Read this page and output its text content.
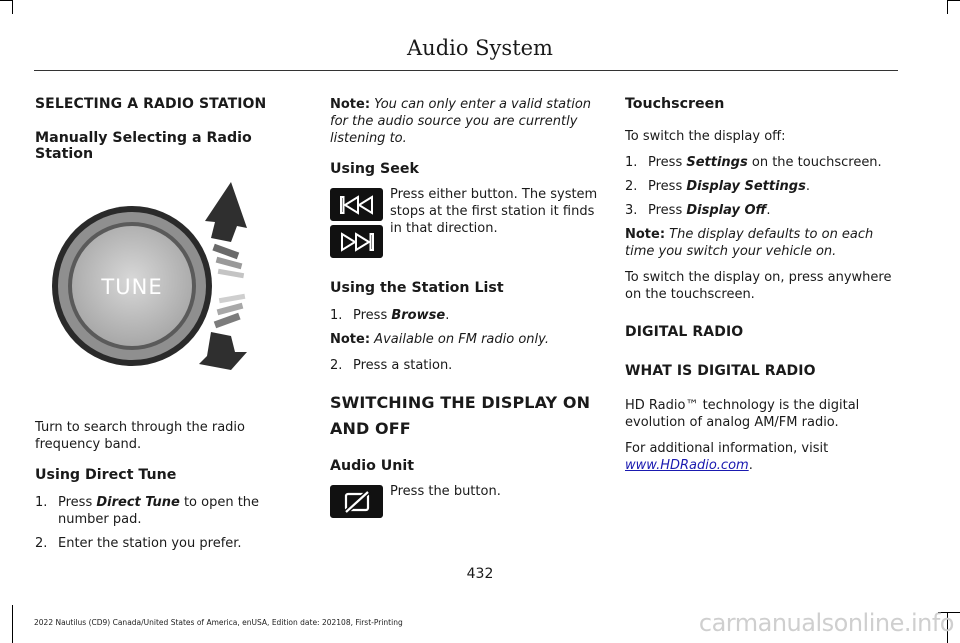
Audio System
SELECTING A RADIO STATION
Manually Selecting a Radio Station
TUNE

Turn to search through the radio frequency band.

Using Direct Tune
1. Press Direct Tune to open the number pad.
2. Enter the station you prefer.

Note: You can only enter a valid station for the audio source you are currently listening to.

Using Seek

Press either button. The system stops at the first station it finds in that direction.

Using the Station List
1. Press Browse.

Note: Available on FM radio only.

2. Press a station.
SWITCHING THE DISPLAY ON AND OFF
Audio Unit

Press the button.

Touchscreen

To switch the display off:

1. Press Settings on the touchscreen.
2. Press Display Settings.
3. Press Display Off.

Note: The display defaults to on each time you switch your vehicle on.

To switch the display on, press anywhere on the touchscreen.

DIGITAL RADIO
WHAT IS DIGITAL RADIO

HD Radio™ technology is the digital evolution of analog AM/FM radio.

For additional information, visit www.HDRadio.com.

432
2022 Nautilus (CD9) Canada/United States of America, enUSA, Edition date: 202108, First-Printing	carmanualsonline.info
